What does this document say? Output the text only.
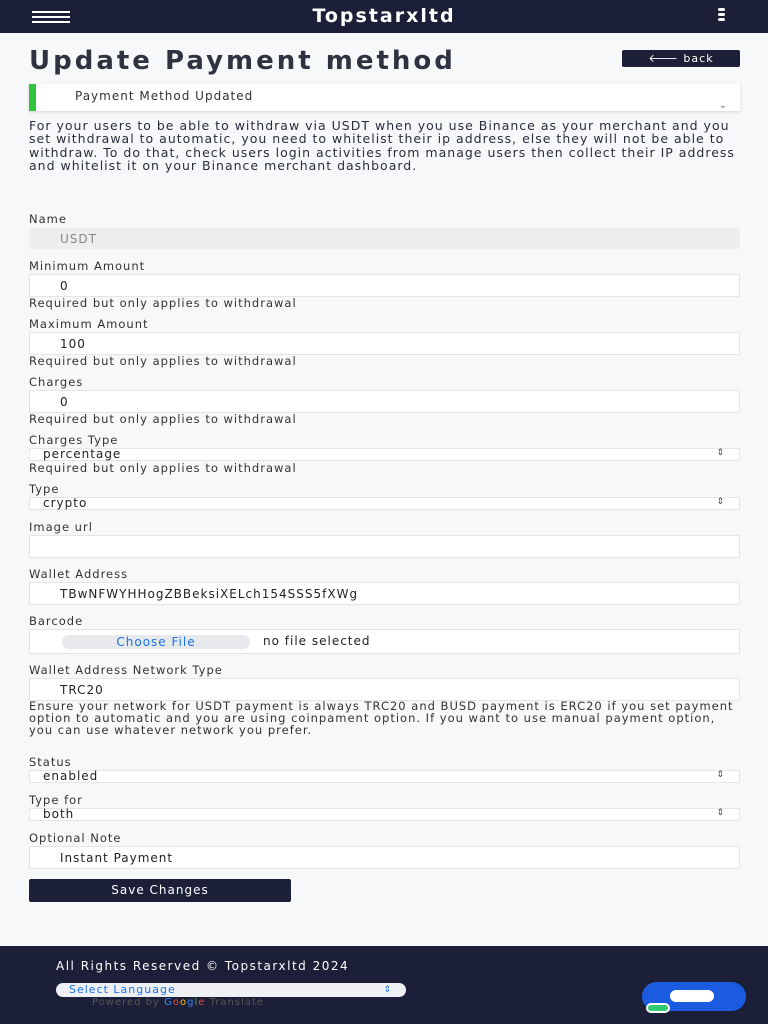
Topstarxltd
Update Payment method	🡐 back
Payment Method Updated
⌄
For your users to be able to withdraw via USDT when you use Binance as your merchant and you set withdrawal to automatic, you need to whitelist their ip address, else they will not be able to withdraw. To do that, check users login activities from manage users then collect their IP address and whitelist it on your Binance merchant dashboard.
Name
USDT
Minimum Amount
0
Required but only applies to withdrawal
Maximum Amount
100
Required but only applies to withdrawal
Charges
0
Required but only applies to withdrawal
Charges Type
percentage	⇕
Required but only applies to withdrawal
Type
crypto	⇕
Image url
Wallet Address
TBwNFWYHHogZBBeksiXELch154SSS5fXWg
Barcode
Choose File	no file selected
Wallet Address Network Type
TRC20
Ensure your network for USDT payment is always TRC20 and BUSD payment is ERC20 if you set payment option to automatic and you are using coinpament option. If you want to use manual payment option, you can use whatever network you prefer.
Status
enabled	⇕
Type for
both	⇕
Optional Note
Instant Payment
Save Changes
All Rights Reserved © Topstarxltd 2024
Select Language	⇕
Powered by Google Translate
